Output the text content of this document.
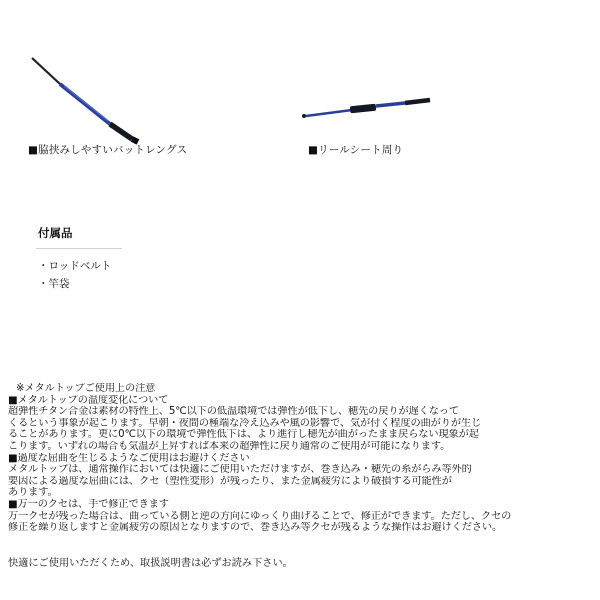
■脇挟みしやすいバットレングス	■リールシート周り
付属品
・ロッドベルト
・竿袋
※メタルトップご使用上の注意
■メタルトップの温度変化について
超弾性チタン合金は素材の特性上、5℃以下の低温環境では弾性が低下し、穂先の戻りが遅くなって
くるという事象が起こります。早朝・夜間の極端な冷え込みや風の影響で、気が付く程度の曲がりが生じ
ることがあります。更に0℃以下の環境で弾性低下は、より進行し穂先が曲がったまま戻らない現象が起
こります。いずれの場合も気温が上昇すれば本来の超弾性に戻り通常のご使用が可能になります。
■過度な屈曲を生じるようなご使用はお避けください
メタルトップは、通常操作においては快適にご使用いただけますが、巻き込み・穂先の糸がらみ等外的
要因による過度な屈曲には、クセ（塑性変形）が残ったり、また金属疲労により破損する可能性が
あります。
■万一のクセは、手で修正できます
万一クセが残った場合は、曲っている側と逆の方向にゆっくり曲げることで、修正ができます。ただし、クセの
修正を繰り返しますと金属疲労の原因となりますので、巻き込み等クセが残るような操作はお避けください。
快適にご使用いただくため、取扱説明書は必ずお読み下さい。
